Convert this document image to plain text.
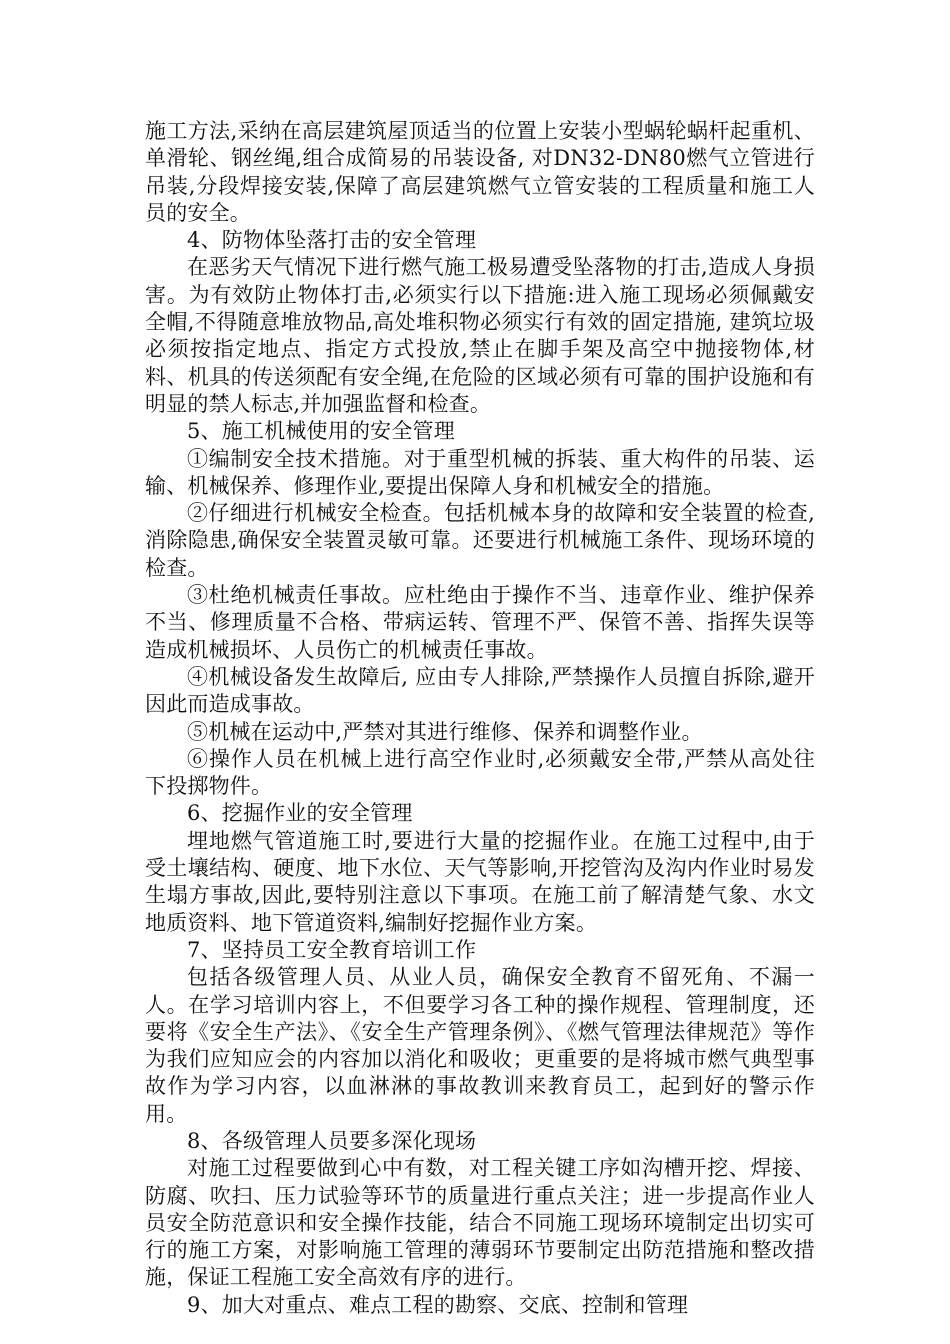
施工方法,采纳在高层建筑屋顶适当的位置上安装小型蜗轮蜗杆起重机、单滑轮、钢丝绳,组合成简易的吊装设备, 对DN32-DN80燃气立管进行吊装,分段焊接安装,保障了高层建筑燃气立管安装的工程质量和施工人员的安全。

4、防物体坠落打击的安全管理

在恶劣天气情况下进行燃气施工极易遭受坠落物的打击,造成人身损害。为有效防止物体打击,必须实行以下措施:进入施工现场必须佩戴安全帽,不得随意堆放物品,高处堆积物必须实行有效的固定措施, 建筑垃圾必须按指定地点、指定方式投放,禁止在脚手架及高空中抛接物体,材料、机具的传送须配有安全绳,在危险的区域必须有可靠的围护设施和有明显的禁人标志,并加强监督和检查。

5、施工机械使用的安全管理

①编制安全技术措施。对于重型机械的拆装、重大构件的吊装、运输、机械保养、修理作业,要提出保障人身和机械安全的措施。

②仔细进行机械安全检查。包括机械本身的故障和安全装置的检查,消除隐患,确保安全装置灵敏可靠。还要进行机械施工条件、现场环境的检查。

③杜绝机械责任事故。应杜绝由于操作不当、违章作业、维护保养不当、修理质量不合格、带病运转、管理不严、保管不善、指挥失误等造成机械损坏、人员伤亡的机械责任事故。

④机械设备发生故障后, 应由专人排除,严禁操作人员擅自拆除,避开因此而造成事故。

⑤机械在运动中,严禁对其进行维修、保养和调整作业。

⑥操作人员在机械上进行高空作业时,必须戴安全带,严禁从高处往下投掷物件。

6、挖掘作业的安全管理

埋地燃气管道施工时,要进行大量的挖掘作业。在施工过程中,由于受土壤结构、硬度、地下水位、天气等影响,开挖管沟及沟内作业时易发生塌方事故,因此,要特别注意以下事项。在施工前了解清楚气象、水文地质资料、地下管道资料,编制好挖掘作业方案。

7、坚持员工安全教育培训工作

包括各级管理人员、从业人员，确保安全教育不留死角、不漏一人。在学习培训内容上，不但要学习各工种的操作规程、管理制度，还要将《安全生产法》、《安全生产管理条例》、《燃气管理法律规范》等作为我们应知应会的内容加以消化和吸收；更重要的是将城市燃气典型事故作为学习内容，以血淋淋的事故教训来教育员工，起到好的警示作用。

8、各级管理人员要多深化现场

对施工过程要做到心中有数，对工程关键工序如沟槽开挖、焊接、防腐、吹扫、压力试验等环节的质量进行重点关注；进一步提高作业人员安全防范意识和安全操作技能，结合不同施工现场环境制定出切实可行的施工方案，对影响施工管理的薄弱环节要制定出防范措施和整改措施，保证工程施工安全高效有序的进行。

9、加大对重点、难点工程的勘察、交底、控制和管理
